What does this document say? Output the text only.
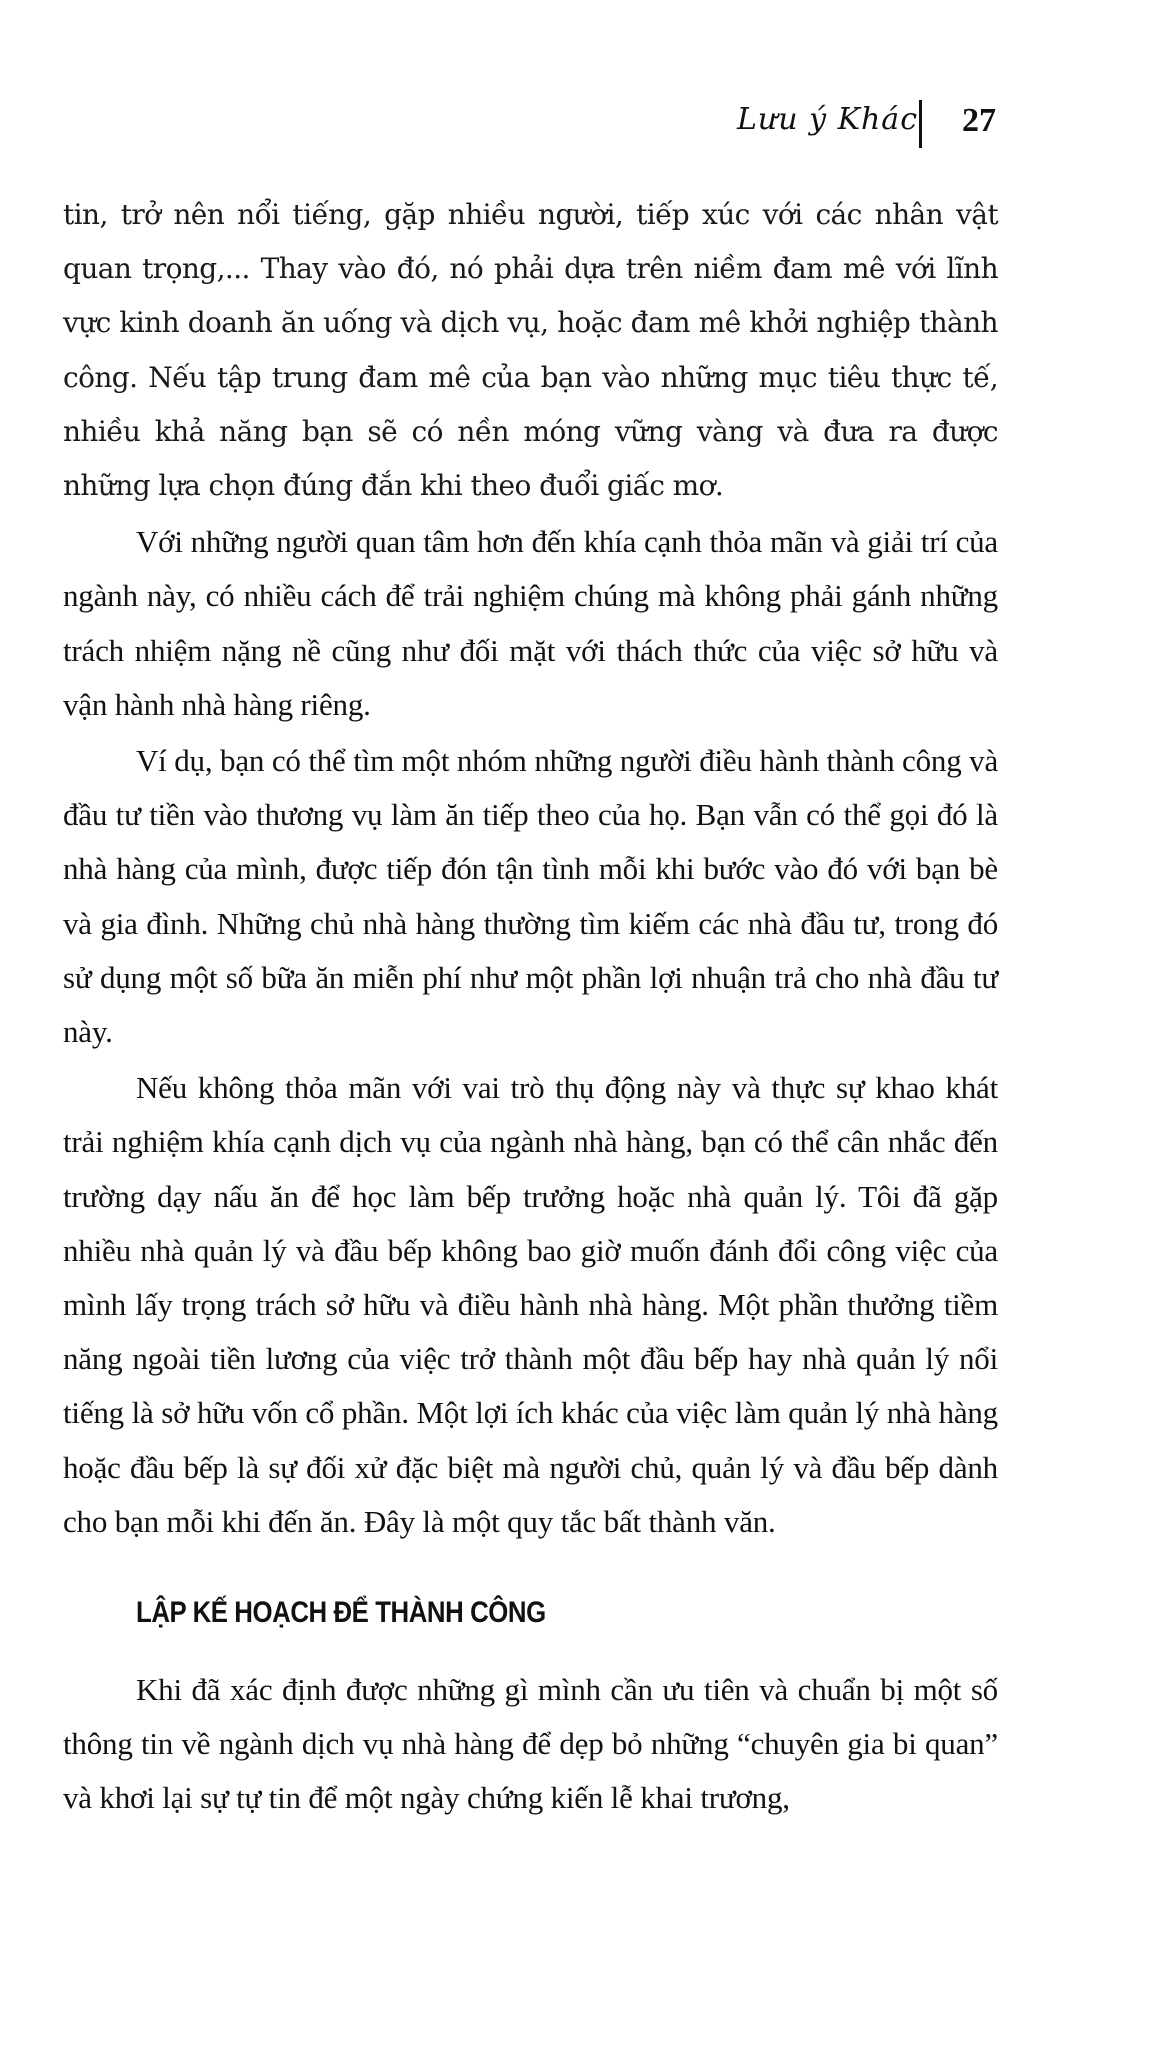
Lưu ý Khác 27

tin, trở nên nổi tiếng, gặp nhiều người, tiếp xúc với các nhân vật quan trọng,... Thay vào đó, nó phải dựa trên niềm đam mê với lĩnh vực kinh doanh ăn uống và dịch vụ, hoặc đam mê khởi nghiệp thành công. Nếu tập trung đam mê của bạn vào những mục tiêu thực tế, nhiều khả năng bạn sẽ có nền móng vững vàng và đưa ra được những lựa chọn đúng đắn khi theo đuổi giấc mơ.

Với những người quan tâm hơn đến khía cạnh thỏa mãn và giải trí của ngành này, có nhiều cách để trải nghiệm chúng mà không phải gánh những trách nhiệm nặng nề cũng như đối mặt với thách thức của việc sở hữu và vận hành nhà hàng riêng.

Ví dụ, bạn có thể tìm một nhóm những người điều hành thành công và đầu tư tiền vào thương vụ làm ăn tiếp theo của họ. Bạn vẫn có thể gọi đó là nhà hàng của mình, được tiếp đón tận tình mỗi khi bước vào đó với bạn bè và gia đình. Những chủ nhà hàng thường tìm kiếm các nhà đầu tư, trong đó sử dụng một số bữa ăn miễn phí như một phần lợi nhuận trả cho nhà đầu tư này.

Nếu không thỏa mãn với vai trò thụ động này và thực sự khao khát trải nghiệm khía cạnh dịch vụ của ngành nhà hàng, bạn có thể cân nhắc đến trường dạy nấu ăn để học làm bếp trưởng hoặc nhà quản lý. Tôi đã gặp nhiều nhà quản lý và đầu bếp không bao giờ muốn đánh đổi công việc của mình lấy trọng trách sở hữu và điều hành nhà hàng. Một phần thưởng tiềm năng ngoài tiền lương của việc trở thành một đầu bếp hay nhà quản lý nổi tiếng là sở hữu vốn cổ phần. Một lợi ích khác của việc làm quản lý nhà hàng hoặc đầu bếp là sự đối xử đặc biệt mà người chủ, quản lý và đầu bếp dành cho bạn mỗi khi đến ăn. Đây là một quy tắc bất thành văn.

LẬP KẾ HOẠCH ĐỂ THÀNH CÔNG

Khi đã xác định được những gì mình cần ưu tiên và chuẩn bị một số thông tin về ngành dịch vụ nhà hàng để dẹp bỏ những “chuyên gia bi quan” và khơi lại sự tự tin để một ngày chứng kiến lễ khai trương,
